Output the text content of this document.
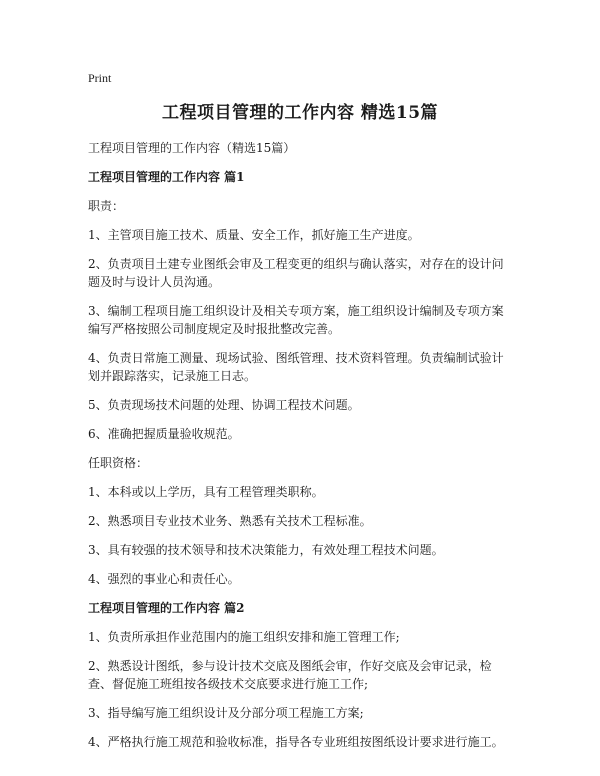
Print
工程项目管理的工作内容 精选15篇

工程项目管理的工作内容（精选15篇）

工程项目管理的工作内容 篇1

职责：

1、主管项目施工技术、质量、安全工作，抓好施工生产进度。

2、负责项目土建专业图纸会审及工程变更的组织与确认落实，对存在的设计问题及时与设计人员沟通。

3、编制工程项目施工组织设计及相关专项方案，施工组织设计编制及专项方案编写严格按照公司制度规定及时报批整改完善。

4、负责日常施工测量、现场试验、图纸管理、技术资料管理。负责编制试验计划并跟踪落实，记录施工日志。

5、负责现场技术问题的处理、协调工程技术问题。

6、准确把握质量验收规范。

任职资格：

1、本科或以上学历，具有工程管理类职称。

2、熟悉项目专业技术业务、熟悉有关技术工程标准。

3、具有较强的技术领导和技术决策能力，有效处理工程技术问题。

4、强烈的事业心和责任心。

工程项目管理的工作内容 篇2

1、负责所承担作业范围内的施工组织安排和施工管理工作;

2、熟悉设计图纸，参与设计技术交底及图纸会审，作好交底及会审记录，检查、督促施工班组按各级技术交底要求进行施工工作;

3、指导编写施工组织设计及分部分项工程施工方案;

4、严格执行施工规范和验收标准，指导各专业班组按图纸设计要求进行施工。
